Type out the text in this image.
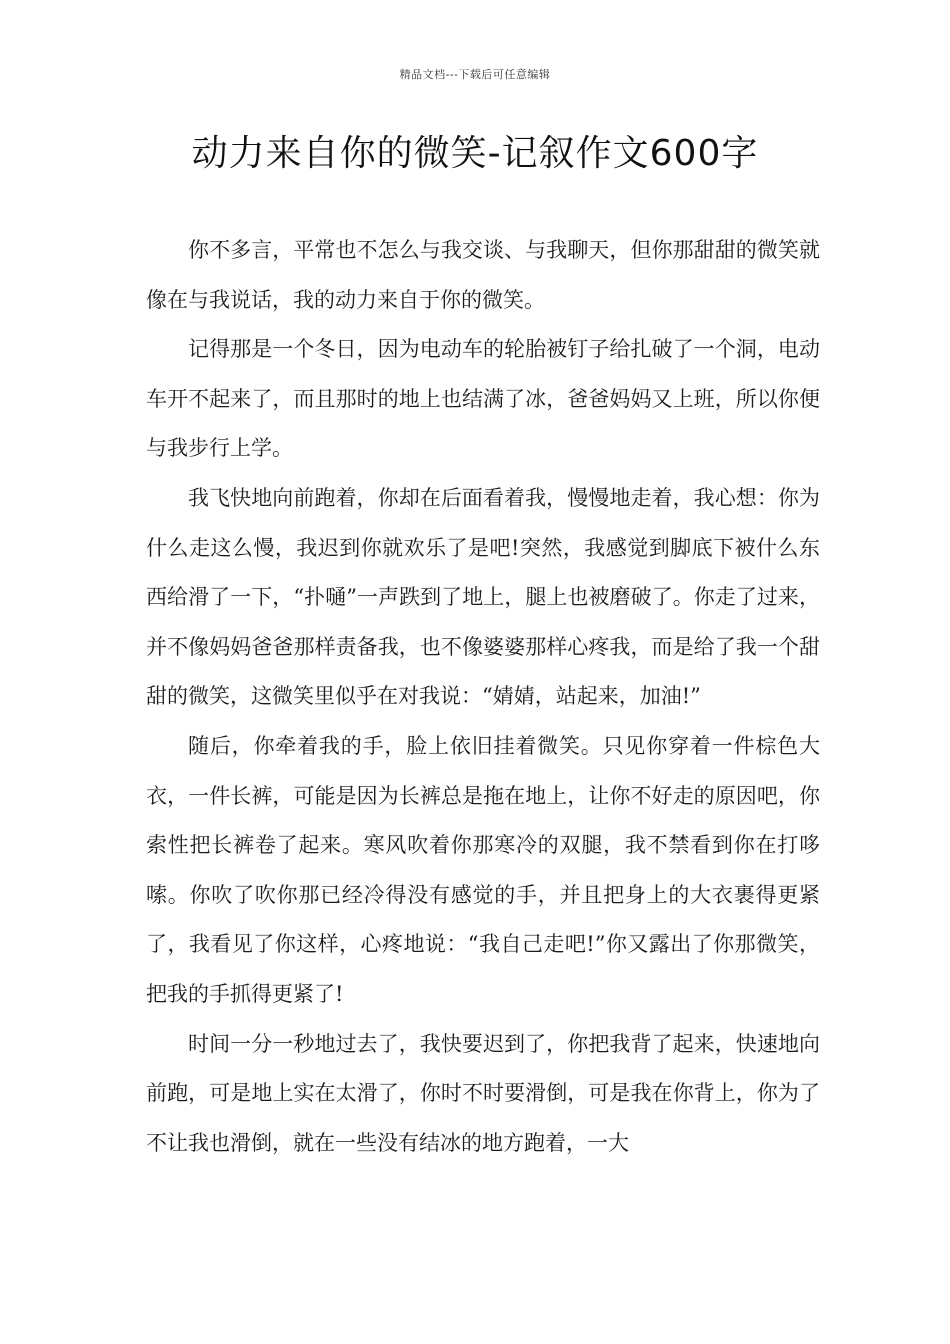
精品文档---下载后可任意编辑
动力来自你的微笑-记叙作文600字

你不多言，平常也不怎么与我交谈、与我聊天，但你那甜甜的微笑就像在与我说话，我的动力来自于你的微笑。

记得那是一个冬日，因为电动车的轮胎被钉子给扎破了一个洞，电动车开不起来了，而且那时的地上也结满了冰，爸爸妈妈又上班，所以你便与我步行上学。

我飞快地向前跑着，你却在后面看着我，慢慢地走着，我心想：你为什么走这么慢，我迟到你就欢乐了是吧!突然，我感觉到脚底下被什么东西给滑了一下，“扑嗵”一声跌到了地上，腿上也被磨破了。你走了过来，并不像妈妈爸爸那样责备我，也不像婆婆那样心疼我，而是给了我一个甜甜的微笑，这微笑里似乎在对我说：“婧婧，站起来，加油!”

随后，你牵着我的手，脸上依旧挂着微笑。只见你穿着一件棕色大衣，一件长裤，可能是因为长裤总是拖在地上，让你不好走的原因吧，你索性把长裤卷了起来。寒风吹着你那寒冷的双腿，我不禁看到你在打哆嗦。你吹了吹你那已经冷得没有感觉的手，并且把身上的大衣裹得更紧了，我看见了你这样，心疼地说：“我自己走吧!”你又露出了你那微笑，把我的手抓得更紧了!

时间一分一秒地过去了，我快要迟到了，你把我背了起来，快速地向前跑，可是地上实在太滑了，你时不时要滑倒，可是我在你背上，你为了不让我也滑倒，就在一些没有结冰的地方跑着，一大
